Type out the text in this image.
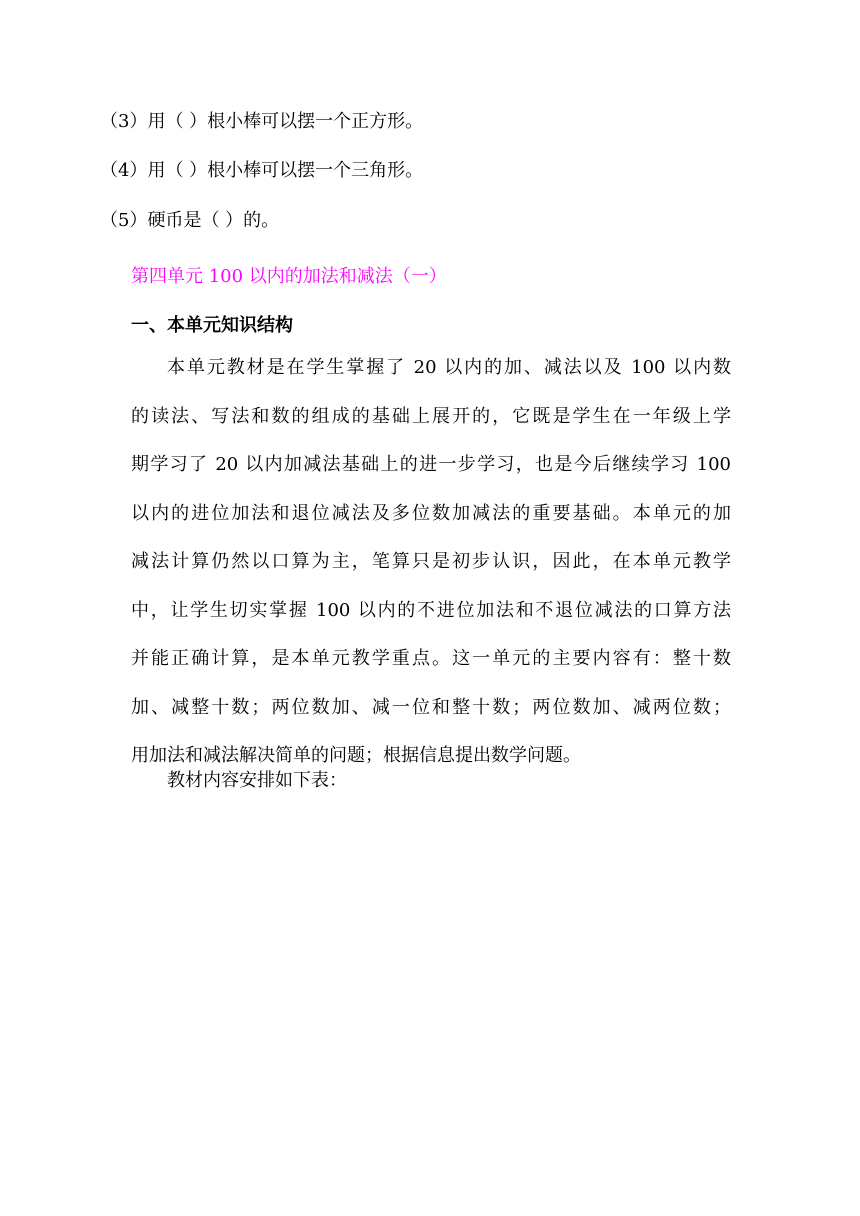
（3）用（ ）根小棒可以摆一个正方形。
（4）用（ ）根小棒可以摆一个三角形。
（5）硬币是（ ）的。
第四单元 100 以内的加法和减法（一）
一、本单元知识结构
本单元教材是在学生掌握了 20 以内的加、减法以及 100 以内数
的读法、写法和数的组成的基础上展开的，它既是学生在一年级上学
期学习了 20 以内加减法基础上的进一步学习，也是今后继续学习 100
以内的进位加法和退位减法及多位数加减法的重要基础。本单元的加
减法计算仍然以口算为主，笔算只是初步认识，因此，在本单元教学
中，让学生切实掌握 100 以内的不进位加法和不退位减法的口算方法
并能正确计算，是本单元教学重点。这一单元的主要内容有：整十数
加、减整十数；两位数加、减一位和整十数；两位数加、减两位数；
用加法和减法解决简单的问题；根据信息提出数学问题。
教材内容安排如下表：
